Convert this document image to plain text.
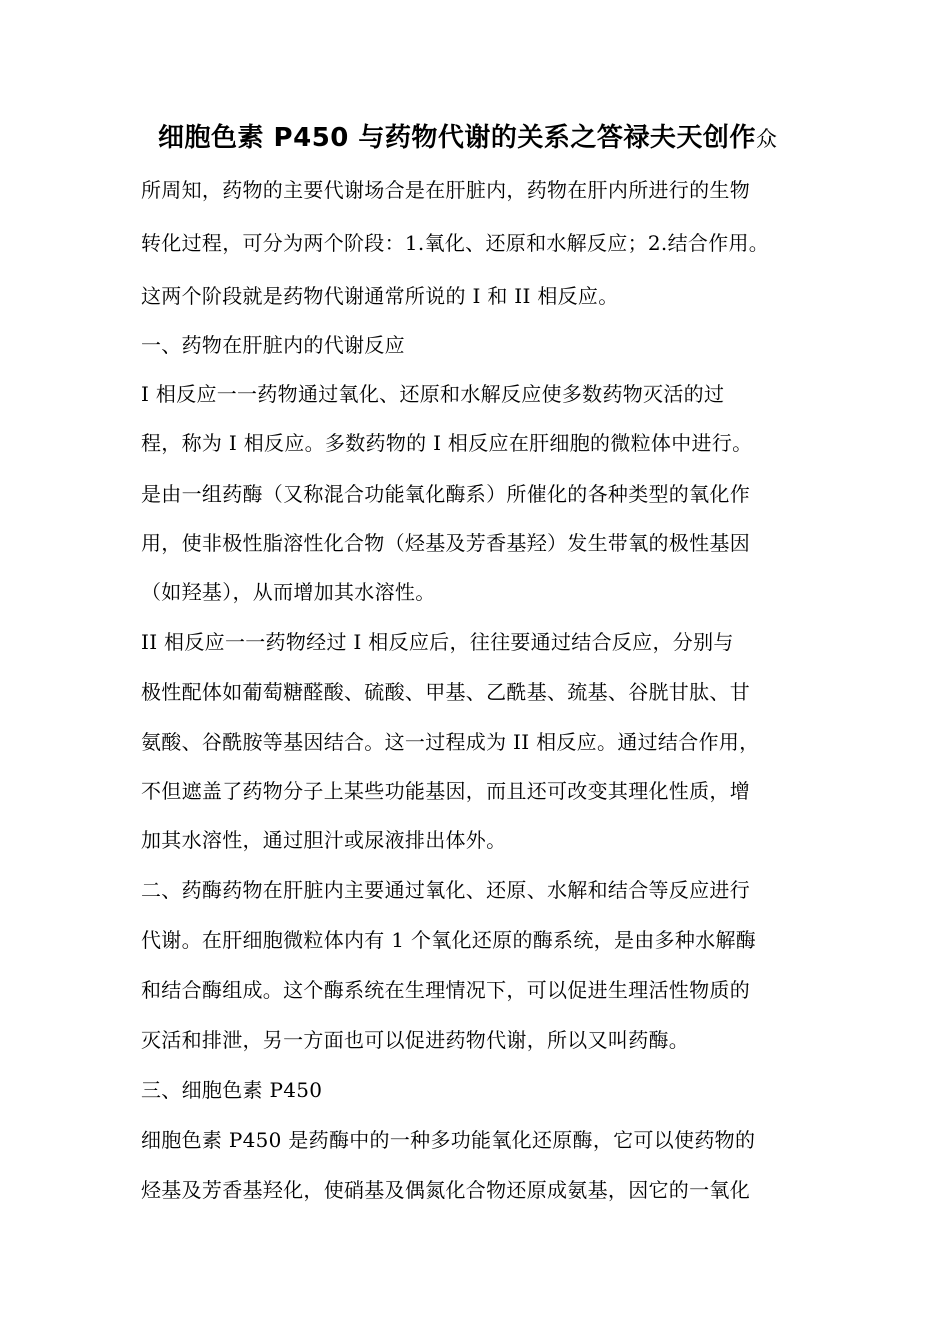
细胞色素 P450 与药物代谢的关系之答禄夫天创作众
所周知，药物的主要代谢场合是在肝脏内，药物在肝内所进行的生物
转化过程，可分为两个阶段：1.氧化、还原和水解反应；2.结合作用。
这两个阶段就是药物代谢通常所说的 I 和 II 相反应。
一、药物在肝脏内的代谢反应
I 相反应一一药物通过氧化、还原和水解反应使多数药物灭活的过
程，称为 I 相反应。多数药物的 I 相反应在肝细胞的微粒体中进行。
是由一组药酶（又称混合功能氧化酶系）所催化的各种类型的氧化作
用，使非极性脂溶性化合物（烃基及芳香基羟）发生带氧的极性基因
（如羟基），从而增加其水溶性。
II 相反应一一药物经过 I 相反应后，往往要通过结合反应，分别与
极性配体如葡萄糖醛酸、硫酸、甲基、乙酰基、巯基、谷胱甘肽、甘
氨酸、谷酰胺等基因结合。这一过程成为 II 相反应。通过结合作用，
不但遮盖了药物分子上某些功能基因，而且还可改变其理化性质，增
加其水溶性，通过胆汁或尿液排出体外。
二、药酶药物在肝脏内主要通过氧化、还原、水解和结合等反应进行
代谢。在肝细胞微粒体内有 1 个氧化还原的酶系统，是由多种水解酶
和结合酶组成。这个酶系统在生理情况下，可以促进生理活性物质的
灭活和排泄，另一方面也可以促进药物代谢，所以又叫药酶。
三、细胞色素 P450
细胞色素 P450 是药酶中的一种多功能氧化还原酶，它可以使药物的
烃基及芳香基羟化，使硝基及偶氮化合物还原成氨基，因它的一氧化
